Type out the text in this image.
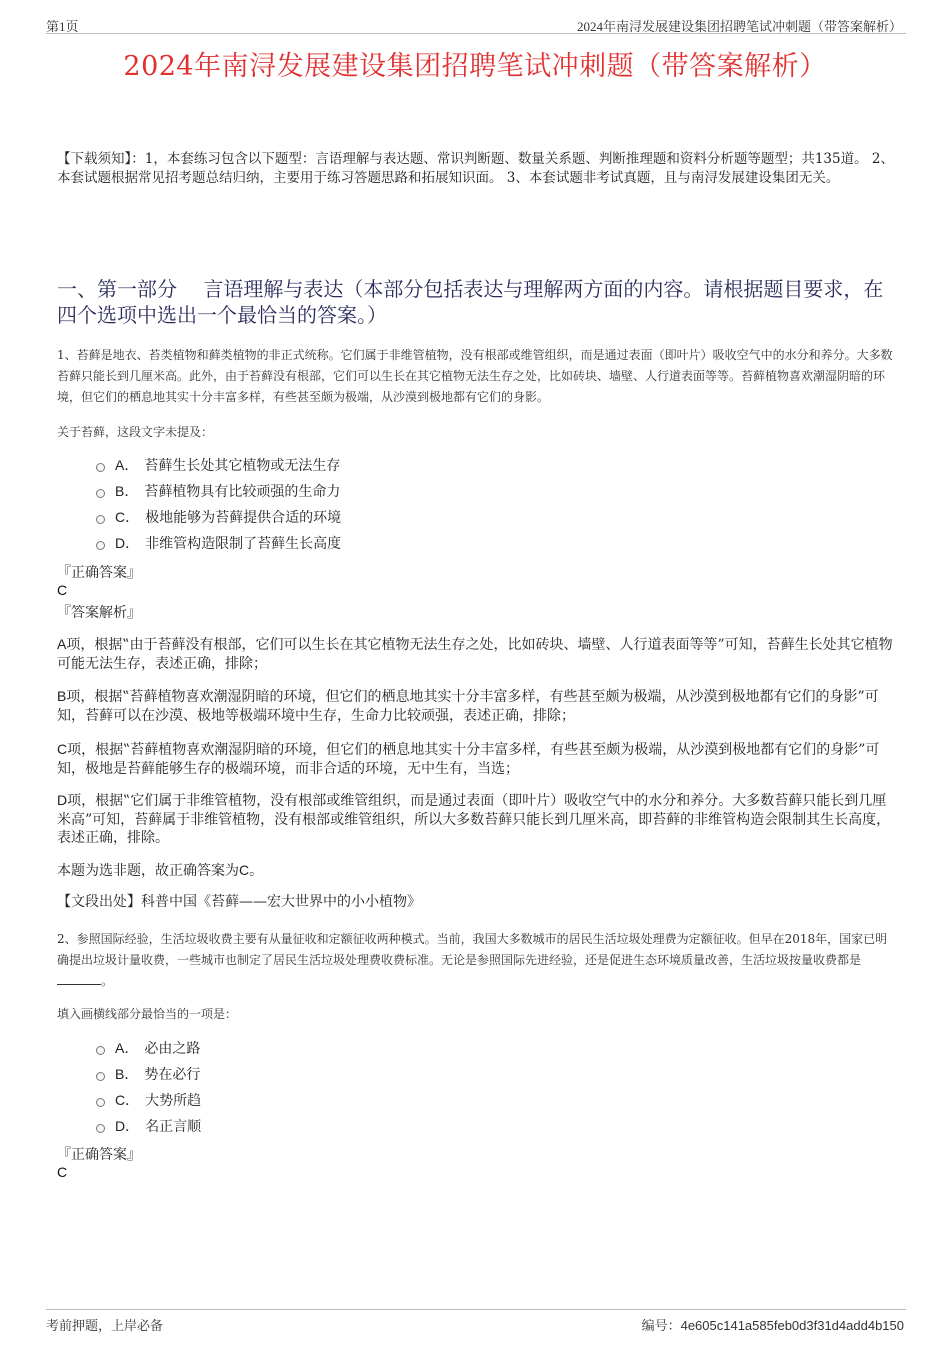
第1页	2024年南浔发展建设集团招聘笔试冲刺题（带答案解析）
2024年南浔发展建设集团招聘笔试冲刺题（带答案解析）
【下载须知】：1，本套练习包含以下题型：言语理解与表达题、常识判断题、数量关系题、判断推理题和资料分析题等题型；共135道。 2、本套试题根据常见招考题总结归纳，主要用于练习答题思路和拓展知识面。 3、本套试题非考试真题，且与南浔发展建设集团无关。
一、第一部分　 言语理解与表达（本部分包括表达与理解两方面的内容。请根据题目要求，在四个选项中选出一个最恰当的答案。）
1、苔藓是地衣、苔类植物和藓类植物的非正式统称。它们属于非维管植物，没有根部或维管组织，而是通过表面（即叶片）吸收空气中的水分和养分。大多数苔藓只能长到几厘米高。此外，由于苔藓没有根部，它们可以生长在其它植物无法生存之处，比如砖块、墙壁、人行道表面等等。苔藓植物喜欢潮湿阴暗的环境，但它们的栖息地其实十分丰富多样，有些甚至颇为极端，从沙漠到极地都有它们的身影。
关于苔藓，这段文字未提及：
A． 苔藓生长处其它植物或无法生存
B． 苔藓植物具有比较顽强的生命力
C． 极地能够为苔藓提供合适的环境
D． 非维管构造限制了苔藓生长高度
『正确答案』
C
『答案解析』
A项，根据‟由于苔藓没有根部，它们可以生长在其它植物无法生存之处，比如砖块、墙壁、人行道表面等等”可知，苔藓生长处其它植物可能无法生存，表述正确，排除；
B项，根据‟苔藓植物喜欢潮湿阴暗的环境，但它们的栖息地其实十分丰富多样，有些甚至颇为极端，从沙漠到极地都有它们的身影”可知，苔藓可以在沙漠、极地等极端环境中生存，生命力比较顽强，表述正确，排除；
C项，根据‟苔藓植物喜欢潮湿阴暗的环境，但它们的栖息地其实十分丰富多样，有些甚至颇为极端，从沙漠到极地都有它们的身影”可知，极地是苔藓能够生存的极端环境，而非合适的环境，无中生有，当选；
D项，根据‟它们属于非维管植物，没有根部或维管组织，而是通过表面（即叶片）吸收空气中的水分和养分。大多数苔藓只能长到几厘米高”可知，苔藓属于非维管植物，没有根部或维管组织，所以大多数苔藓只能长到几厘米高，即苔藓的非维管构造会限制其生长高度，表述正确，排除。
本题为选非题，故正确答案为C。
【文段出处】科普中国《苔藓——宏大世界中的小小植物》
2、参照国际经验，生活垃圾收费主要有从量征收和定额征收两种模式。当前，我国大多数城市的居民生活垃圾处理费为定额征收。但早在2018年，国家已明确提出垃圾计量收费，一些城市也制定了居民生活垃圾处理费收费标准。无论是参照国际先进经验，还是促进生态环境质量改善，生活垃圾按量收费都是。
填入画横线部分最恰当的一项是：
A． 必由之路
B． 势在必行
C． 大势所趋
D． 名正言顺
『正确答案』
C
考前押题，上岸必备	编号：4e605c141a585feb0d3f31d4add4b150
